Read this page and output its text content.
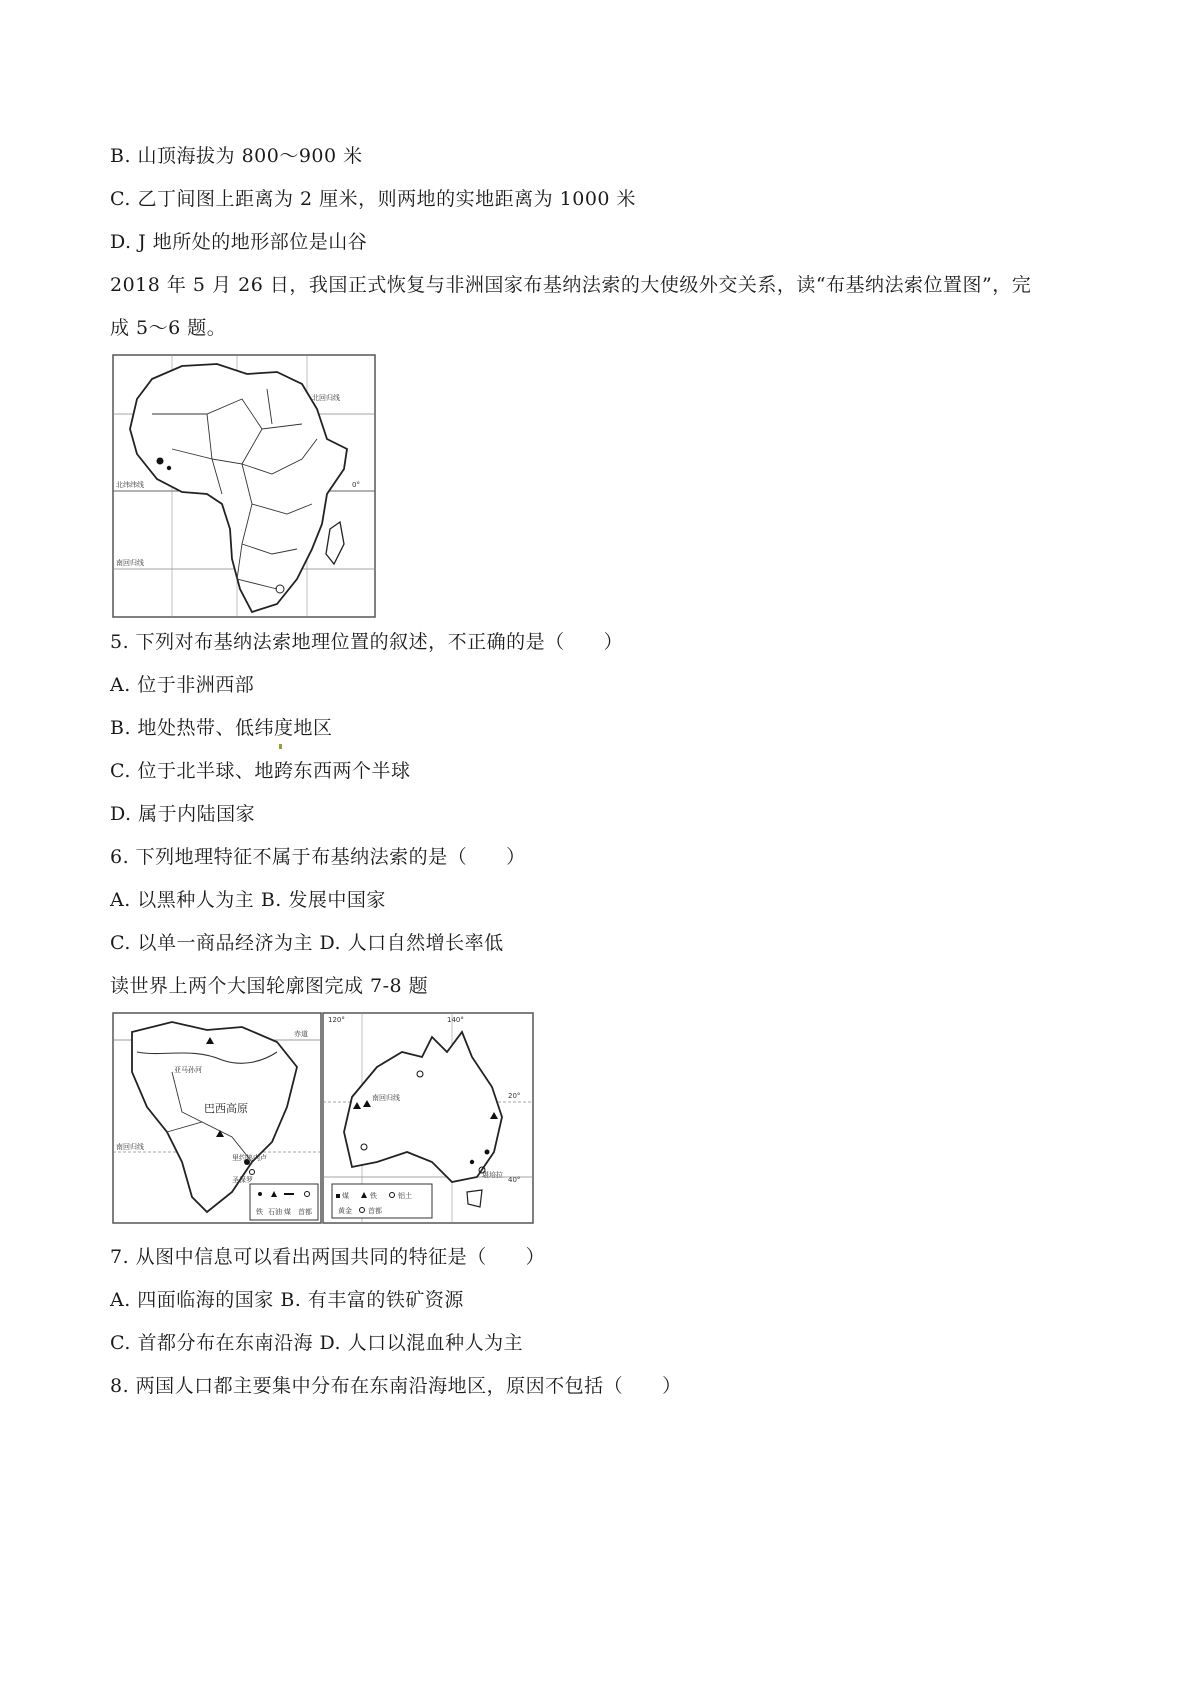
B. 山顶海拔为 800～900 米
C. 乙丁间图上距离为 2 厘米，则两地的实地距离为 1000 米
D. J 地所处的地形部位是山谷
2018 年 5 月 26 日，我国正式恢复与非洲国家布基纳法索的大使级外交关系，读“布基纳法索位置图”，完
成 5～6 题。
北回归线
0°
北纬纬线
南回归线
5. 下列对布基纳法索地理位置的叙述，不正确的是（　　）
A. 位于非洲西部
B. 地处热带、低纬度地区
C. 位于北半球、地跨东西两个半球
D. 属于内陆国家
6. 下列地理特征不属于布基纳法索的是（　　）
A. 以黑种人为主 B. 发展中国家
C. 以单一商品经济为主 D. 人口自然增长率低
读世界上两个大国轮廓图完成 7-8 题
赤道
亚马孙河
巴西高原
里约热内卢
圣保罗
南回归线
铁 石油 煤 首都
120°	140°
南回归线	20°
40°
堪培拉
煤	铁	铝土
黄金 首都
7. 从图中信息可以看出两国共同的特征是（　　）
A. 四面临海的国家 B. 有丰富的铁矿资源
C. 首都分布在东南沿海 D. 人口以混血种人为主
8. 两国人口都主要集中分布在东南沿海地区，原因不包括（　　）
